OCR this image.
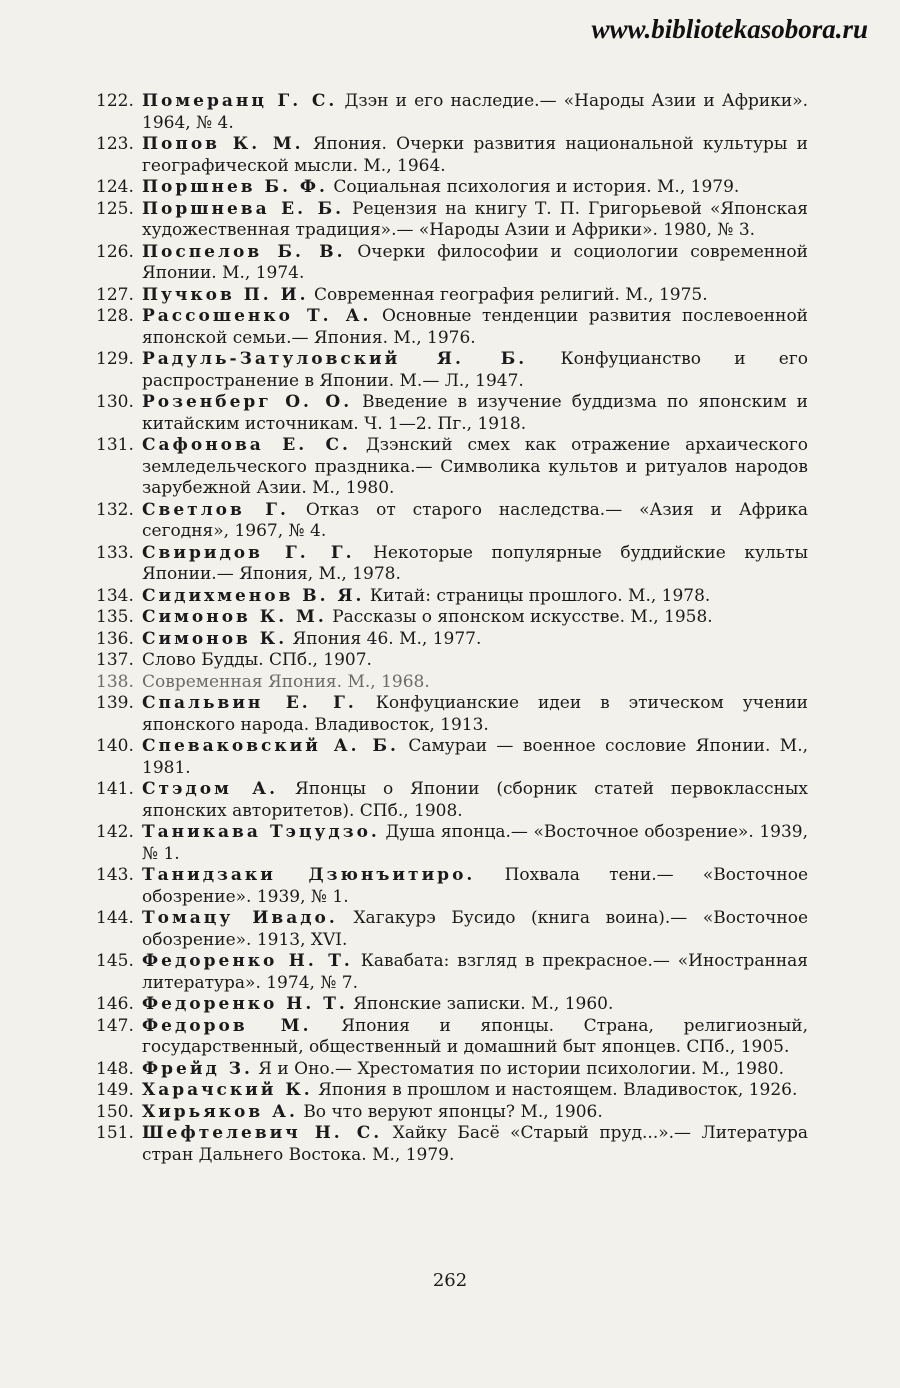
www.bibliotekasobora.ru
122. Померанц Г. С. Дзэн и его наследие.— «Народы Азии и Африки». 1964, № 4.
123. Попов К. М. Япония. Очерки развития национальной культуры и географической мысли. М., 1964.
124. Поршнев Б. Ф. Социальная психология и история. М., 1979.
125. Поршнева Е. Б. Рецензия на книгу Т. П. Григорьевой «Японская художественная традиция».— «Народы Азии и Африки». 1980, № 3.
126. Поспелов Б. В. Очерки философии и социологии современной Японии. М., 1974.
127. Пучков П. И. Современная география религий. М., 1975.
128. Рассошенко Т. А. Основные тенденции развития послевоенной японской семьи.— Япония. М., 1976.
129. Радуль-Затуловский Я. Б. Конфуцианство и его распространение в Японии. М.— Л., 1947.
130. Розенберг О. О. Введение в изучение буддизма по японским и китайским источникам. Ч. 1—2. Пг., 1918.
131. Сафонова Е. С. Дзэнский смех как отражение архаического земледельческого праздника.— Символика культов и ритуалов народов зарубежной Азии. М., 1980.
132. Светлов Г. Отказ от старого наследства.— «Азия и Африка сегодня», 1967, № 4.
133. Свиридов Г. Г. Некоторые популярные буддийские культы Японии.— Япония, М., 1978.
134. Сидихменов В. Я. Китай: страницы прошлого. М., 1978.
135. Симонов К. М. Рассказы о японском искусстве. М., 1958.
136. Симонов К. Япония 46. М., 1977.
137. Слово Будды. СПб., 1907.
138. Современная Япония. М., 1968.
139. Спальвин Е. Г. Конфуцианские идеи в этическом учении японского народа. Владивосток, 1913.
140. Спеваковский А. Б. Самураи — военное сословие Японии. М., 1981.
141. Стэдом А. Японцы о Японии (сборник статей первоклассных японских авторитетов). СПб., 1908.
142. Таникава Тэцудзо. Душа японца.— «Восточное обозрение». 1939, № 1.
143. Танидзаки Дзюнъитиро. Похвала тени.— «Восточное обозрение». 1939, № 1.
144. Томацу Ивадо. Хагакурэ Бусидо (книга воина).— «Восточное обозрение». 1913, XVI.
145. Федоренко Н. Т. Кавабата: взгляд в прекрасное.— «Иностранная литература». 1974, № 7.
146. Федоренко Н. Т. Японские записки. М., 1960.
147. Федоров М. Япония и японцы. Страна, религиозный, государственный, общественный и домашний быт японцев. СПб., 1905.
148. Фрейд З. Я и Оно.— Хрестоматия по истории психологии. М., 1980.
149. Харачский К. Япония в прошлом и настоящем. Владивосток, 1926.
150. Хирьяков А. Во что веруют японцы? М., 1906.
151. Шефтелевич Н. С. Хайку Басё «Старый пруд...».— Литература стран Дальнего Востока. М., 1979.
262
